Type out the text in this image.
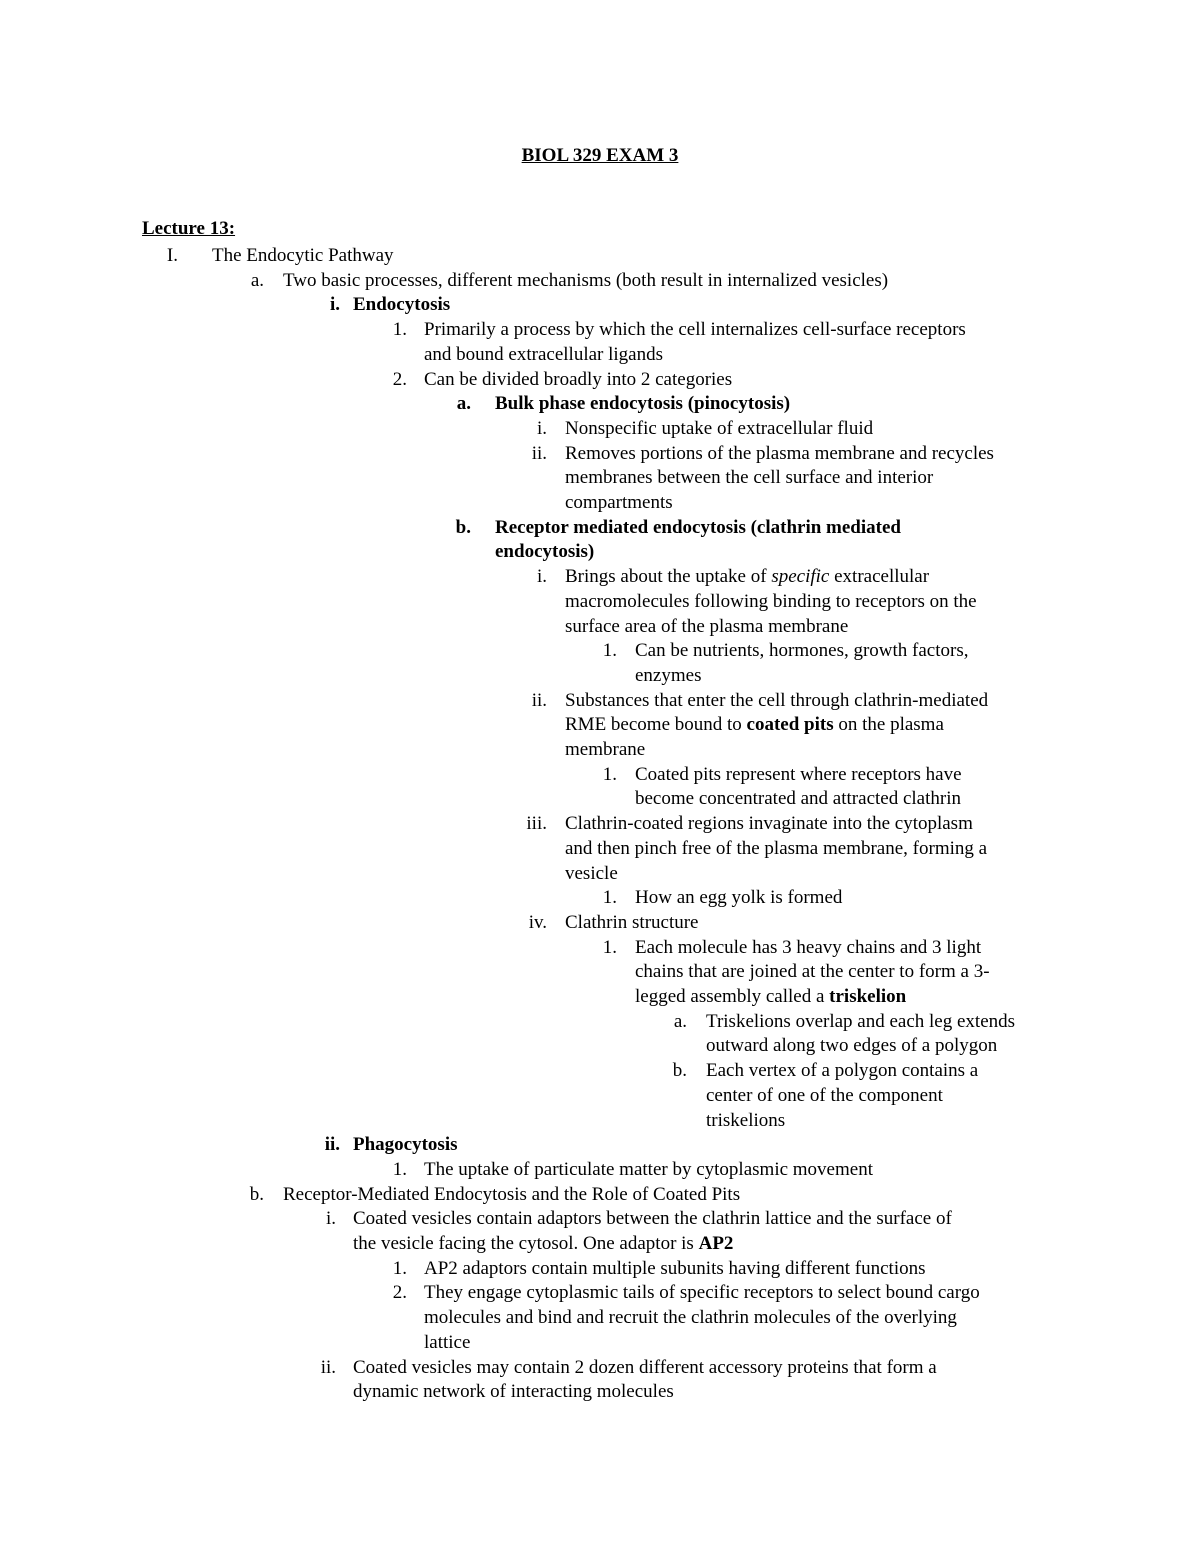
BIOL 329 EXAM 3
Lecture 13:
I. The Endocytic Pathway
a. Two basic processes, different mechanisms (both result in internalized vesicles)
i. Endocytosis
1. Primarily a process by which the cell internalizes cell-surface receptors
and bound extracellular ligands
2. Can be divided broadly into 2 categories
a. Bulk phase endocytosis (pinocytosis)
i. Nonspecific uptake of extracellular fluid
ii. Removes portions of the plasma membrane and recycles
membranes between the cell surface and interior
compartments
b. Receptor mediated endocytosis (clathrin mediated
endocytosis)
i. Brings about the uptake of specific extracellular
macromolecules following binding to receptors on the
surface area of the plasma membrane
1. Can be nutrients, hormones, growth factors,
enzymes
ii. Substances that enter the cell through clathrin-mediated
RME become bound to coated pits on the plasma
membrane
1. Coated pits represent where receptors have
become concentrated and attracted clathrin
iii. Clathrin-coated regions invaginate into the cytoplasm
and then pinch free of the plasma membrane, forming a
vesicle
1. How an egg yolk is formed
iv. Clathrin structure
1. Each molecule has 3 heavy chains and 3 light
chains that are joined at the center to form a 3-
legged assembly called a triskelion
a. Triskelions overlap and each leg extends
outward along two edges of a polygon
b. Each vertex of a polygon contains a
center of one of the component
triskelions
ii. Phagocytosis
1. The uptake of particulate matter by cytoplasmic movement
b. Receptor-Mediated Endocytosis and the Role of Coated Pits
i. Coated vesicles contain adaptors between the clathrin lattice and the surface of
the vesicle facing the cytosol. One adaptor is AP2
1. AP2 adaptors contain multiple subunits having different functions
2. They engage cytoplasmic tails of specific receptors to select bound cargo
molecules and bind and recruit the clathrin molecules of the overlying
lattice
ii. Coated vesicles may contain 2 dozen different accessory proteins that form a
dynamic network of interacting molecules
